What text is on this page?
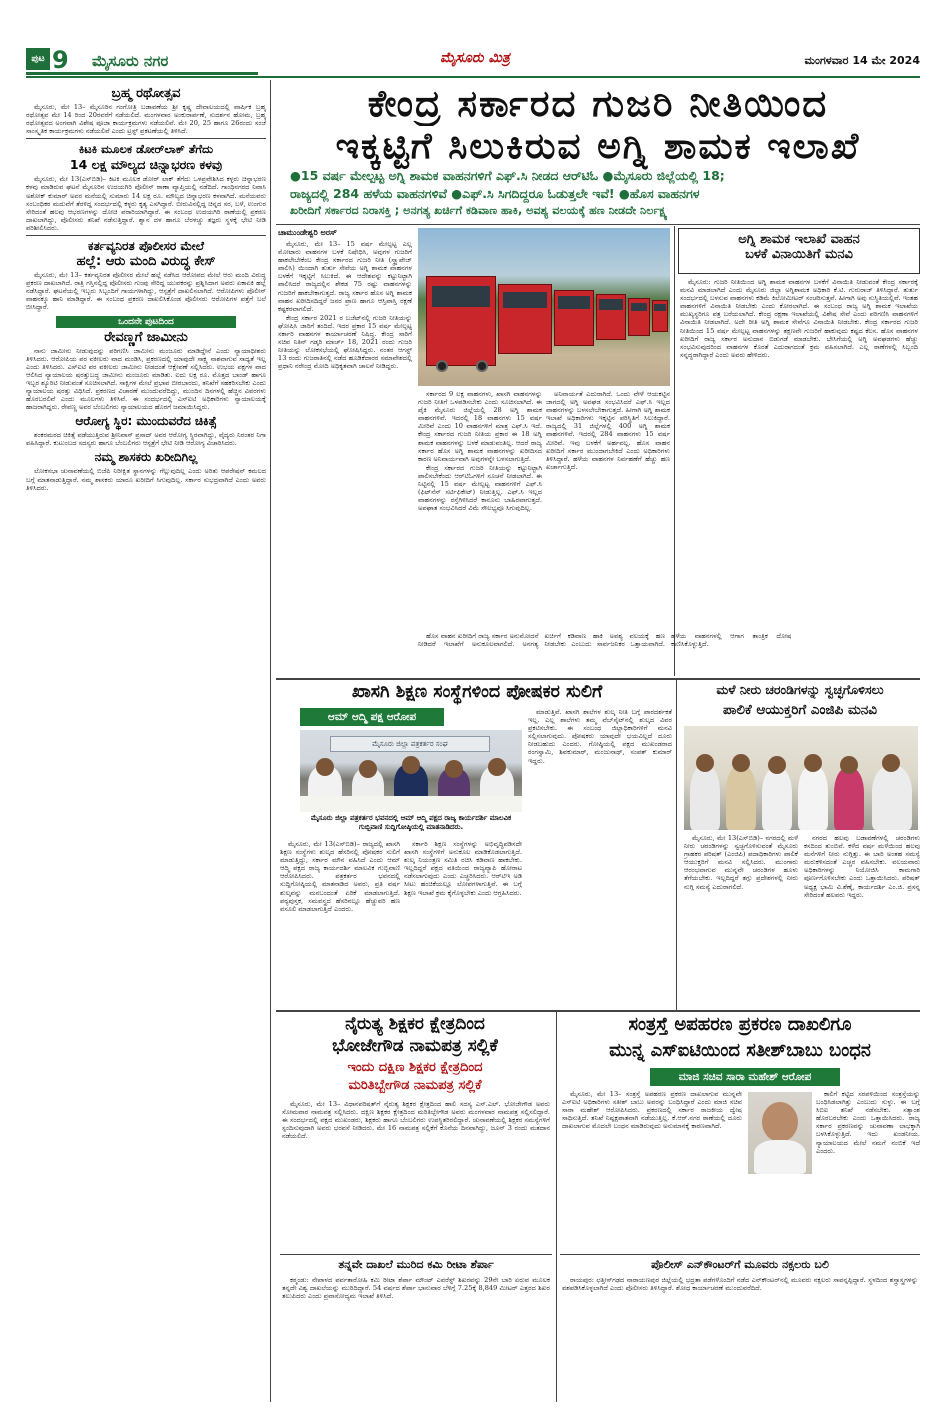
ಪುಟ 9	ಮೈಸೂರು ನಗರ	ಮೈಸೂರು ಮಿತ್ರ	ಮಂಗಳವಾರ 14 ಮೇ 2024
ಬ್ರಹ್ಮ ರಥೋತ್ಸವ

ಮೈಸೂರು, ಮೇ 13– ಮೈಸೂರಿನ ಗಂಗೋತ್ರಿ ಬಡಾವಣೆಯ ಶ್ರೀ ಕೃಷ್ಣ ದೇವಾಲಯದಲ್ಲಿ ವಾರ್ಷಿಕ ಬ್ರಹ್ಮ ರಥೋತ್ಸವ ಮೇ 14 ರಿಂದ 20ರವರೆಗೆ ನಡೆಯಲಿದೆ. ಮಂಗಳವಾರ ಅಂಕುರಾರ್ಪಣೆ, ಸುದರ್ಶನ ಹೋಮ, ಬ್ರಹ್ಮ ರಥೋತ್ಸವದ ಅಂಗವಾಗಿ ವಿಶೇಷ ಪೂಜಾ ಕಾರ್ಯಕ್ರಮಗಳು ನಡೆಯಲಿವೆ. ಮೇ 20, 25 ಹಾಗೂ 26ರಂದು ಸಂಜೆ ಸಾಂಸ್ಕೃತಿಕ ಕಾರ್ಯಕ್ರಮಗಳು ನಡೆಯಲಿವೆ ಎಂದು ಟ್ರಸ್ಟ್ ಪ್ರಕಟಣೆಯಲ್ಲಿ ತಿಳಿಸಿದೆ.

ಕಿಟಕಿ ಮೂಲಕ ಡೋರ್‌ಲಾಕ್ ತೆಗೆದು
14 ಲಕ್ಷ ಮೌಲ್ಯದ ಚಿನ್ನಾಭರಣ ಕಳವು

ಮೈಸೂರು, ಮೇ 13(ಎಸ್‌ಬಿಡಿ)– ಕಿಟಕಿ ಮೂಲಕ ಡೋರ್ ಲಾಕ್ ತೆಗೆದು ಒಳಪ್ರವೇಶಿಸಿದ ಕಳ್ಳರು ಚಿನ್ನಾಭರಣ ಕಳವು ಮಾಡಿರುವ ಘಟನೆ ಮೈಸೂರಿನ ಉದಯಗಿರಿ ಪೊಲೀಸ್ ಠಾಣಾ ವ್ಯಾಪ್ತಿಯಲ್ಲಿ ನಡೆದಿದೆ. ಗಾಂಧಿನಗರದ ನಿವಾಸಿ ಅಶೋಕ್ ಕುಮಾರ್ ಅವರ ಮನೆಯಲ್ಲಿ ಸುಮಾರು 14 ಲಕ್ಷ ರೂ. ಮೌಲ್ಯದ ಚಿನ್ನಾಭರಣ ಕಳವಾಗಿದೆ. ಮನೆಯವರು ಸಂಬಂಧಿಕರ ಮದುವೆಗೆ ತೆರಳಿದ್ದ ಸಂದರ್ಭದಲ್ಲಿ ಕಳ್ಳರು ಕೃತ್ಯ ಎಸಗಿದ್ದಾರೆ. ಬೀರುವಿನಲ್ಲಿದ್ದ ಚಿನ್ನದ ಸರ, ಬಳೆ, ಉಂಗುರ ಸೇರಿದಂತೆ ಹಲವು ಆಭರಣಗಳನ್ನು ದೋಚಿ ಪರಾರಿಯಾಗಿದ್ದಾರೆ. ಈ ಸಂಬಂಧ ಉದಯಗಿರಿ ಠಾಣೆಯಲ್ಲಿ ಪ್ರಕರಣ ದಾಖಲಾಗಿದ್ದು, ಪೊಲೀಸರು ತನಿಖೆ ನಡೆಸುತ್ತಿದ್ದಾರೆ. ಶ್ವಾನ ದಳ ಹಾಗೂ ಬೆರಳಚ್ಚು ತಜ್ಞರು ಸ್ಥಳಕ್ಕೆ ಭೇಟಿ ನೀಡಿ ಪರಿಶೀಲಿಸಿದರು.

ಕರ್ತವ್ಯನಿರತ ಪೊಲೀಸರ ಮೇಲೆ
ಹಲ್ಲೆ: ಆರು ಮಂದಿ ವಿರುದ್ಧ ಕೇಸ್

ಮೈಸೂರು, ಮೇ 13– ಕರ್ತವ್ಯನಿರತ ಪೊಲೀಸರ ಮೇಲೆ ಹಲ್ಲೆ ನಡೆಸಿದ ಆರೋಪದ ಮೇಲೆ ಆರು ಮಂದಿ ವಿರುದ್ಧ ಪ್ರಕರಣ ದಾಖಲಾಗಿದೆ. ರಾತ್ರಿ ಗಸ್ತಿನಲ್ಲಿದ್ದ ಪೊಲೀಸರು ಗುಂಪು ಸೇರಿದ್ದ ಯುವಕರನ್ನು ಪ್ರಶ್ನಿಸಿದಾಗ ಅವರು ಏಕಾಏಕಿ ಹಲ್ಲೆ ನಡೆಸಿದ್ದಾರೆ. ಘಟನೆಯಲ್ಲಿ ಇಬ್ಬರು ಸಿಬ್ಬಂದಿಗೆ ಗಾಯಗಳಾಗಿದ್ದು, ಆಸ್ಪತ್ರೆಗೆ ದಾಖಲಿಸಲಾಗಿದೆ. ಆರೋಪಿಗಳು ಪೊಲೀಸ್ ವಾಹನಕ್ಕೂ ಹಾನಿ ಮಾಡಿದ್ದಾರೆ. ಈ ಸಂಬಂಧ ಪ್ರಕರಣ ದಾಖಲಿಸಿಕೊಂಡ ಪೊಲೀಸರು ಆರೋಪಿಗಳ ಪತ್ತೆಗೆ ಬಲೆ ಬೀಸಿದ್ದಾರೆ.

ಒಂದನೇ ಪುಟದಿಂದ
ರೇವಣ್ಣಗೆ ಜಾಮೀನು

ನಾನು ಜಾಮೀನು ನೀಡುವುದನ್ನು ಪರಿಗಣಿಸಿ ಜಾಮೀನು ಮಂಜೂರು ಮಾಡಿದ್ದೇನೆ ಎಂದು ನ್ಯಾಯಾಧೀಶರು ತಿಳಿಸಿದರು. ಆರೋಪಿಯ ಪರ ವಕೀಲರು ವಾದ ಮಂಡಿಸಿ, ಪ್ರಕರಣದಲ್ಲಿ ಯಾವುದೇ ಸಾಕ್ಷ್ಯ ನಾಶವಾಗುವ ಸಾಧ್ಯತೆ ಇಲ್ಲ ಎಂದು ತಿಳಿಸಿದರು. ಎಸ್‌ಐಟಿ ಪರ ವಕೀಲರು ಜಾಮೀನು ನೀಡದಂತೆ ಆಕ್ಷೇಪಣೆ ಸಲ್ಲಿಸಿದರು. ಉಭಯ ಪಕ್ಷಗಳ ವಾದ ಆಲಿಸಿದ ನ್ಯಾಯಾಲಯ ಷರತ್ತುಬದ್ಧ ಜಾಮೀನು ಮಂಜೂರು ಮಾಡಿತು. ಐದು ಲಕ್ಷ ರೂ. ಮೊತ್ತದ ಬಾಂಡ್ ಹಾಗೂ ಇಬ್ಬರ ಶ್ಯೂರಿಟಿ ನೀಡುವಂತೆ ಸೂಚಿಸಲಾಗಿದೆ. ಸಾಕ್ಷಿಗಳ ಮೇಲೆ ಪ್ರಭಾವ ಬೀರಬಾರದು, ತನಿಖೆಗೆ ಸಹಕರಿಸಬೇಕು ಎಂದು ನ್ಯಾಯಾಲಯ ಷರತ್ತು ವಿಧಿಸಿದೆ. ಪ್ರಕರಣದ ವಿಚಾರಣೆ ಮುಂದುವರೆದಿದ್ದು, ಮುಂದಿನ ದಿನಗಳಲ್ಲಿ ಹೆಚ್ಚಿನ ವಿವರಗಳು ಹೊರಬರಲಿವೆ ಎಂದು ಮೂಲಗಳು ತಿಳಿಸಿವೆ. ಈ ಸಂದರ್ಭದಲ್ಲಿ ಎಸ್‌ಐಟಿ ಅಧಿಕಾರಿಗಳು ನ್ಯಾಯಾಲಯಕ್ಕೆ ಹಾಜರಾಗಿದ್ದರು. ರೇವಣ್ಣ ಅವರ ಬೆಂಬಲಿಗರು ನ್ಯಾಯಾಲಯದ ಹೊರಗೆ ಜಮಾಯಿಸಿದ್ದರು.

ಆರೋಗ್ಯ ಸ್ಥಿರ: ಮುಂದುವರೆದ ಚಿಕಿತ್ಸೆ

ಶಂಕರಮಠದ ಚಿಕಿತ್ಸೆ ಪಡೆಯುತ್ತಿರುವ ಶ್ರೀನಿವಾಸ್ ಪ್ರಸಾದ್ ಅವರ ಆರೋಗ್ಯ ಸ್ಥಿರವಾಗಿದ್ದು, ವೈದ್ಯರು ನಿರಂತರ ನಿಗಾ ವಹಿಸಿದ್ದಾರೆ. ಕುಟುಂಬದ ಸದಸ್ಯರು ಹಾಗೂ ಬೆಂಬಲಿಗರು ಆಸ್ಪತ್ರೆಗೆ ಭೇಟಿ ನೀಡಿ ಆರೋಗ್ಯ ವಿಚಾರಿಸಿದರು.

ನಮ್ಮ ಶಾಸಕರು ಖರೀದಿಗಿಲ್ಲ

ಲೋಕಸಭಾ ಚುನಾವಣೆಯಲ್ಲಿ ಬಿಜೆಪಿ ನಿರೀಕ್ಷಿತ ಸ್ಥಾನಗಳನ್ನು ಗೆಲ್ಲುವುದಿಲ್ಲ ಎಂದು ಅರಿತು ಆಪರೇಷನ್ ಕಮಲದ ಬಗ್ಗೆ ಮಾತನಾಡುತ್ತಿದ್ದಾರೆ. ನಮ್ಮ ಶಾಸಕರು ಯಾರೂ ಖರೀದಿಗೆ ಸಿಗುವುದಿಲ್ಲ. ಸರ್ಕಾರ ಸುಭದ್ರವಾಗಿದೆ ಎಂದು ಅವರು ತಿಳಿಸಿದರು.

ಕೇಂದ್ರ ಸರ್ಕಾರದ ಗುಜರಿ ನೀತಿಯಿಂದ
ಇಕ್ಕಟ್ಟಿಗೆ ಸಿಲುಕಿರುವ ಅಗ್ನಿ ಶಾಮಕ ಇಲಾಖೆ
●15 ವರ್ಷ ಮೇಲ್ಪಟ್ಟ ಅಗ್ನಿ ಶಾಮಕ ವಾಹನಗಳಿಗೆ ಎಫ್.ಸಿ ನೀಡದ ಆರ್‌ಟಿಓ ●ಮೈಸೂರು ಜಿಲ್ಲೆಯಲ್ಲಿ 18;
ರಾಜ್ಯದಲ್ಲಿ 284 ಹಳೆಯ ವಾಹನಗಳಿವೆ ●ಎಫ್.ಸಿ ಸಿಗದಿದ್ದರೂ ಓಡುತ್ತಲೇ ಇವೆ! ●ಹೊಸ ವಾಹನಗಳ
ಖರೀದಿಗೆ ಸರ್ಕಾರದ ನಿರಾಸಕ್ತಿ ; ಅನಗತ್ಯ ಖರ್ಚಿಗೆ ಕಡಿವಾಣ ಹಾಕಿ, ಅವಶ್ಯ ವಲಯಕ್ಕೆ ಹಣ ನೀಡದೇ ನಿರ್ಲಕ್ಷ್ಯ
ಚಾಮುಂಡೇಶ್ವರಿ ಅರಸ್

ಮೈಸೂರು, ಮೇ 13– 15 ವರ್ಷ ಮೇಲ್ಪಟ್ಟ ಎಲ್ಲ ಮೋಟಾರು ವಾಹನಗಳ ಬಳಕೆ ನಿಷೇಧಿಸಿ, ಅವುಗಳ ಗುಜರಿಗೆ ಹಾಕಲೇಬೇಕೆಂಬ ಕೇಂದ್ರ ಸರ್ಕಾರದ ಗುಜರಿ ನೀತಿ (ಸ್ಕ್ರ್ಯಾಪೇಜ್ ಪಾಲಿಸಿ) ಯಿಂದಾಗಿ ತುರ್ತು ಸೇವೆಯ ಅಗ್ನಿ ಶಾಮಕ ವಾಹನಗಳ ಬಳಕೆಗೆ ಇಕ್ಕಟ್ಟಿಗೆ ಸಿಲುಕಿದೆ. ಈ ಆದೇಶವನ್ನು ಕಟ್ಟುನಿಟ್ಟಾಗಿ ಪಾಲಿಸಿದರೆ ರಾಜ್ಯದಲ್ಲಿನ ಶೇಕಡ 75 ರಷ್ಟು ವಾಹನಗಳನ್ನು ಗುಜರಿಗೆ ಹಾಕಬೇಕಾಗುತ್ತದೆ. ರಾಜ್ಯ ಸರ್ಕಾರ ಹೊಸ ಅಗ್ನಿ ಶಾಮಕ ವಾಹನ ಖರೀದಿಸದಿದ್ದರೆ ಜನರ ಪ್ರಾಣ ಹಾಗೂ ಆಸ್ತಿಪಾಸ್ತಿ ರಕ್ಷಣೆ ಕಷ್ಟಕರವಾಗಲಿದೆ.

ಕೇಂದ್ರ ಸರ್ಕಾರ 2021 ರ ಬಜೆಟ್‌ನಲ್ಲಿ ಗುಜರಿ ನೀತಿಯನ್ನು ಘೋಷಿಸಿ ಜಾರಿಗೆ ತಂದಿದೆ. ಇದರ ಪ್ರಕಾರ 15 ವರ್ಷ ಮೇಲ್ಪಟ್ಟ ಸರ್ಕಾರಿ ವಾಹನಗಳ ಕಾರ್ಯಾಚರಣೆ ನಿಷಿದ್ಧ. ಕೇಂದ್ರ ಸಾರಿಗೆ ಸಚಿವ ನಿತಿನ್ ಗಡ್ಕರಿ ಮಾರ್ಚ್ 18, 2021 ರಂದು ಗುಜರಿ ನೀತಿಯನ್ನು ಲೋಕಸಭೆಯಲ್ಲಿ ಘೋಷಿಸಿದ್ದರು. ನಂತರ ಆಗಸ್ಟ್ 13 ರಂದು ಗುಜರಾತಿನಲ್ಲಿ ನಡೆದ ಹೂಡಿಕೆದಾರರ ಸಮಾವೇಶದಲ್ಲಿ ಪ್ರಧಾನಿ ನರೇಂದ್ರ ಮೋದಿ ಅಧಿಕೃತವಾಗಿ ಚಾಲನೆ ನೀಡಿದ್ದರು.

ಸರ್ಕಾರದ 9 ಲಕ್ಷ ವಾಹನಗಳು, ಖಾಸಗಿ ವಾಹನಗಳನ್ನು ಗುಜರಿ ನೀತಿಗೆ ಒಳಪಡಿಸಬೇಕು ಎಂದು ಸೂಚಿಸಲಾಗಿದೆ. ಈ ಪೈಕಿ ಮೈಸೂರು ಜಿಲ್ಲೆಯಲ್ಲಿ 28 ಅಗ್ನಿ ಶಾಮಕ ವಾಹನಗಳಿವೆ. ಇದರಲ್ಲಿ 18 ವಾಹನಗಳು 15 ವರ್ಷ ಮೀರಿವೆ ಎಂದು 10 ವಾಹನಗಳಿಗೆ ಮಾತ್ರ ಎಫ್.ಸಿ ಇದೆ. ಕೇಂದ್ರ ಸರ್ಕಾರದ ಗುಜರಿ ನೀತಿಯ ಪ್ರಕಾರ ಈ 18 ಅಗ್ನಿ ಶಾಮಕ ವಾಹನಗಳನ್ನು ಬಳಕೆ ಮಾಡುವಂತಿಲ್ಲ. ಆದರೆ ರಾಜ್ಯ ಸರ್ಕಾರ ಹೊಸ ಅಗ್ನಿ ಶಾಮಕ ವಾಹನಗಳನ್ನು ಖರೀದಿಸದ ಕಾರಣ ಅನಿವಾರ್ಯವಾಗಿ ಅವುಗಳನ್ನೇ ಬಳಸಲಾಗುತ್ತಿದೆ.

ಕೇಂದ್ರ ಸರ್ಕಾರದ ಗುಜರಿ ನೀತಿಯನ್ನು ಕಟ್ಟುನಿಟ್ಟಾಗಿ ಪಾಲಿಸಬೇಕೆಂದು ಆರ್‌ಟಿಓಗಳಿಗೆ ಸೂಚನೆ ನೀಡಲಾಗಿದೆ. ಈ ನಿಟ್ಟಿನಲ್ಲಿ 15 ವರ್ಷ ಮೇಲ್ಪಟ್ಟ ವಾಹನಗಳಿಗೆ ಎಫ್.ಸಿ (ಫಿಟ್‌ನೆಸ್ ಸರ್ಟಿಫಿಕೇಟ್) ನೀಡುತ್ತಿಲ್ಲ. ಎಫ್.ಸಿ ಇಲ್ಲದ ವಾಹನಗಳನ್ನು ರಸ್ತೆಗಿಳಿಸಿದರೆ ಕಾನೂನು ಬಾಹಿರವಾಗುತ್ತದೆ. ಅಪಘಾತ ಸಂಭವಿಸಿದರೆ ವಿಮೆ ಸೌಲಭ್ಯವೂ ಸಿಗುವುದಿಲ್ಲ.

ಅನಿವಾರ್ಯತೆ ಎದುರಾಗಿದೆ. ಒಂದು ವೇಳೆ ಆಯಕಟ್ಟಿನ ಜಾಗದಲ್ಲಿ ಅಗ್ನಿ ಅವಘಡ ಸಂಭವಿಸಿದರೆ ಎಫ್.ಸಿ ಇಲ್ಲದ ವಾಹನಗಳನ್ನು ಬಳಸಲೇಬೇಕಾಗುತ್ತದೆ. ಹೀಗಾಗಿ ಅಗ್ನಿ ಶಾಮಕ ಇಲಾಖೆ ಅಧಿಕಾರಿಗಳು ಇಕ್ಕಟ್ಟಿನ ಪರಿಸ್ಥಿತಿಗೆ ಸಿಲುಕಿದ್ದಾರೆ. ರಾಜ್ಯದಲ್ಲಿ 31 ಜಿಲ್ಲೆಗಳಲ್ಲಿ 400 ಅಗ್ನಿ ಶಾಮಕ ವಾಹನಗಳಿವೆ. ಇದರಲ್ಲಿ 284 ವಾಹನಗಳು 15 ವರ್ಷ ಮೀರಿವೆ. ಇವು ಬಳಕೆಗೆ ಅರ್ಹವಲ್ಲ. ಹೊಸ ವಾಹನ ಖರೀದಿಗೆ ಸರ್ಕಾರ ಮುಂದಾಗಬೇಕಿದೆ ಎಂದು ಅಧಿಕಾರಿಗಳು ತಿಳಿಸಿದ್ದಾರೆ. ಹಳೆಯ ವಾಹನಗಳ ನಿರ್ವಹಣೆಗೆ ಹೆಚ್ಚು ಹಣ ಖರ್ಚಾಗುತ್ತಿದೆ.

ಅಗ್ನಿ ಶಾಮಕ ಇಲಾಖೆ ವಾಹನ
ಬಳಕೆ ವಿನಾಯಿತಿಗೆ ಮನವಿ

ಮೈಸೂರು: ಗುಜರಿ ನೀತಿಯಿಂದ ಅಗ್ನಿ ಶಾಮಕ ವಾಹನಗಳ ಬಳಕೆಗೆ ವಿನಾಯಿತಿ ನೀಡುವಂತೆ ಕೇಂದ್ರ ಸರ್ಕಾರಕ್ಕೆ ಮನವಿ ಮಾಡಲಾಗಿದೆ ಎಂದು ಮೈಸೂರು ಜಿಲ್ಲಾ ಅಗ್ನಿಶಾಮಕ ಅಧಿಕಾರಿ ಕೆ.ಟಿ. ಗುರುರಾಜ್ ತಿಳಿಸಿದ್ದಾರೆ. ತುರ್ತು ಸಂದರ್ಭದಲ್ಲಿ ಬಳಸುವ ವಾಹನಗಳು ಕಡಿಮೆ ಕಿಲೋಮೀಟರ್ ಸಂಚರಿಸುತ್ತವೆ. ಹೀಗಾಗಿ ಅವು ಸುಸ್ಥಿತಿಯಲ್ಲಿವೆ. ಇಂತಹ ವಾಹನಗಳಿಗೆ ವಿನಾಯಿತಿ ನೀಡಬೇಕು ಎಂದು ಕೋರಲಾಗಿದೆ. ಈ ಸಂಬಂಧ ರಾಜ್ಯ ಅಗ್ನಿ ಶಾಮಕ ಇಲಾಖೆಯ ಮುಖ್ಯಸ್ಥರಿಗೂ ಪತ್ರ ಬರೆಯಲಾಗಿದೆ. ಕೇಂದ್ರ ರಕ್ಷಣಾ ಇಲಾಖೆಯಲ್ಲಿ ವಿಶೇಷ ಸೇವೆ ಎಂದು ಪರಿಗಣಿಸಿ ವಾಹನಗಳಿಗೆ ವಿನಾಯಿತಿ ನೀಡಲಾಗಿದೆ. ಅದೇ ರೀತಿ ಅಗ್ನಿ ಶಾಮಕ ಸೇವೆಗೂ ವಿನಾಯಿತಿ ನೀಡಬೇಕು. ಕೇಂದ್ರ ಸರ್ಕಾರದ ಗುಜರಿ ನೀತಿಯಿಂದ 15 ವರ್ಷ ಮೇಲ್ಪಟ್ಟ ವಾಹನಗಳನ್ನು ತಕ್ಷಣವೇ ಗುಜರಿಗೆ ಹಾಕುವುದು ಕಷ್ಟದ ಕೆಲಸ. ಹೊಸ ವಾಹನಗಳ ಖರೀದಿಗೆ ರಾಜ್ಯ ಸರ್ಕಾರ ಅನುದಾನ ಬಿಡುಗಡೆ ಮಾಡಬೇಕು. ಬೇಸಿಗೆಯಲ್ಲಿ ಅಗ್ನಿ ಅವಘಡಗಳು ಹೆಚ್ಚು ಸಂಭವಿಸುವುದರಿಂದ ವಾಹನಗಳ ಕೊರತೆ ಎದುರಾಗದಂತೆ ಕ್ರಮ ವಹಿಸಲಾಗಿದೆ. ಎಲ್ಲ ಠಾಣೆಗಳಲ್ಲಿ ಸಿಬ್ಬಂದಿ ಸನ್ನದ್ಧರಾಗಿದ್ದಾರೆ ಎಂದು ಅವರು ಹೇಳಿದರು.

ಹೊಸ ವಾಹನ ಖರೀದಿಗೆ ರಾಜ್ಯ ಸರ್ಕಾರ ಅನುಮೋದನೆ ನೀಡಿದರೆ ಇಲಾಖೆಗೆ ಅನುಕೂಲವಾಗಲಿದೆ. ಅನಗತ್ಯ ಖರ್ಚಿಗೆ ಕಡಿವಾಣ ಹಾಕಿ ಅವಶ್ಯ ವಲಯಕ್ಕೆ ಹಣ ನೀಡಬೇಕು ಎಂಬುದು ಸಾರ್ವಜನಿಕರ ಒತ್ತಾಯವಾಗಿದೆ. ಹಳೆಯ ವಾಹನಗಳಲ್ಲಿ ಆಗಾಗ ತಾಂತ್ರಿಕ ದೋಷ ಕಾಣಿಸಿಕೊಳ್ಳುತ್ತಿದೆ.

ಖಾಸಗಿ ಶಿಕ್ಷಣ ಸಂಸ್ಥೆಗಳಿಂದ ಪೋಷಕರ ಸುಲಿಗೆ
ಆಮ್ ಆದ್ಮಿ ಪಕ್ಷ ಆರೋಪ
ಮೈಸೂರು ಜಿಲ್ಲಾ ಪತ್ರಕರ್ತರ ಸಂಘ
ಮೈಸೂರು ಜಿಲ್ಲಾ ಪತ್ರಕರ್ತರ ಭವನದಲ್ಲಿ ಆಮ್ ಆದ್ಮಿ ಪಕ್ಷದ ರಾಜ್ಯ ಕಾರ್ಯದರ್ಶಿ ಮಾಲವಿಕ ಗುಬ್ಬಿವಾಣಿ ಸುದ್ದಿಗೋಷ್ಠಿಯಲ್ಲಿ ಮಾತನಾಡಿದರು.

ಮೈಸೂರು, ಮೇ 13(ಎಸ್‌ಬಿಡಿ)– ರಾಜ್ಯದಲ್ಲಿ ಖಾಸಗಿ ಶಿಕ್ಷಣ ಸಂಸ್ಥೆಗಳು ಶುಲ್ಕದ ಹೆಸರಿನಲ್ಲಿ ಪೋಷಕರ ಸುಲಿಗೆ ಮಾಡುತ್ತಿದ್ದು, ಸರ್ಕಾರ ಮೌನ ವಹಿಸಿದೆ ಎಂದು ಆಮ್ ಆದ್ಮಿ ಪಕ್ಷದ ರಾಜ್ಯ ಕಾರ್ಯದರ್ಶಿ ಮಾಲವಿಕ ಗುಬ್ಬಿವಾಣಿ ಆರೋಪಿಸಿದರು. ಪತ್ರಕರ್ತರ ಭವನದಲ್ಲಿ ಸುದ್ದಿಗೋಷ್ಠಿಯಲ್ಲಿ ಮಾತನಾಡಿದ ಅವರು, ಪ್ರತಿ ವರ್ಷ ಶುಲ್ಕವನ್ನು ಮನಬಂದಂತೆ ಏರಿಕೆ ಮಾಡಲಾಗುತ್ತಿದೆ. ಪಠ್ಯಪುಸ್ತಕ, ಸಮವಸ್ತ್ರದ ಹೆಸರಿನಲ್ಲೂ ಹೆಚ್ಚುವರಿ ಹಣ ವಸೂಲಿ ಮಾಡಲಾಗುತ್ತಿದೆ ಎಂದರು.

ಸರ್ಕಾರಿ ಶಿಕ್ಷಣ ಸಂಸ್ಥೆಗಳನ್ನು ಅಭಿವೃದ್ಧಿಪಡಿಸದೇ ಖಾಸಗಿ ಸಂಸ್ಥೆಗಳಿಗೆ ಅನುಕೂಲ ಮಾಡಿಕೊಡಲಾಗುತ್ತಿದೆ. ಶುಲ್ಕ ನಿಯಂತ್ರಣ ಸಮಿತಿ ರಚಿಸಿ ಕಡಿವಾಣ ಹಾಕಬೇಕು. ಇಲ್ಲದಿದ್ದರೆ ಪಕ್ಷದ ವತಿಯಿಂದ ರಾಜ್ಯವ್ಯಾಪಿ ಹೋರಾಟ ನಡೆಸಲಾಗುವುದು ಎಂದು ಎಚ್ಚರಿಸಿದರು. ಆರ್‌ಟಿಇ ಅಡಿ ಸೀಟು ಹಂಚಿಕೆಯಲ್ಲೂ ಲೋಪಗಳಾಗುತ್ತಿವೆ. ಈ ಬಗ್ಗೆ ಶಿಕ್ಷಣ ಇಲಾಖೆ ಕ್ರಮ ಕೈಗೊಳ್ಳಬೇಕು ಎಂದು ಆಗ್ರಹಿಸಿದರು.

ಮಾಡುತ್ತಿವೆ. ಖಾಸಗಿ ಶಾಲೆಗಳ ಶುಲ್ಕ ನೀತಿ ಬಗ್ಗೆ ಪಾರದರ್ಶಕತೆ ಇಲ್ಲ. ಎಲ್ಲ ಶಾಲೆಗಳು ತಮ್ಮ ವೆಬ್‌ಸೈಟ್‌ನಲ್ಲಿ ಶುಲ್ಕದ ವಿವರ ಪ್ರಕಟಿಸಬೇಕು. ಈ ಸಂಬಂಧ ಜಿಲ್ಲಾಧಿಕಾರಿಗಳಿಗೆ ಮನವಿ ಸಲ್ಲಿಸಲಾಗುವುದು. ಪೋಷಕರು ಯಾವುದೇ ಭಯವಿಲ್ಲದೆ ದೂರು ನೀಡಬಹುದು ಎಂದರು. ಗೋಷ್ಠಿಯಲ್ಲಿ ಪಕ್ಷದ ಮುಖಂಡರಾದ ರಂಗಸ್ವಾಮಿ, ಶಿವಕುಮಾರ್, ಮಂಜುನಾಥ್, ಸಂಪತ್ ಕುಮಾರ್ ಇದ್ದರು.

ಮಳೆ ನೀರು ಚರಂಡಿಗಳನ್ನು ಸ್ವಚ್ಛಗೊಳಿಸಲು
ಪಾಲಿಕೆ ಆಯುಕ್ತರಿಗೆ ಎಂಜಿಪಿ ಮನವಿ

ಮೈಸೂರು, ಮೇ 13(ಎಸ್‌ಬಿಡಿ)– ನಗರದಲ್ಲಿ ಮಳೆ ನೀರು ಚರಂಡಿಗಳನ್ನು ಸ್ವಚ್ಛಗೊಳಿಸುವಂತೆ ಮೈಸೂರು ಗ್ರಾಹಕರ ಪರಿಷತ್ (ಎಂಜಿಪಿ) ಪದಾಧಿಕಾರಿಗಳು ಪಾಲಿಕೆ ಆಯುಕ್ತರಿಗೆ ಮನವಿ ಸಲ್ಲಿಸಿದರು. ಮುಂಗಾರು ಆರಂಭವಾಗುವ ಮುನ್ನವೇ ಚರಂಡಿಗಳ ಹೂಳು ತೆಗೆಯಬೇಕು. ಇಲ್ಲದಿದ್ದರೆ ತಗ್ಗು ಪ್ರದೇಶಗಳಲ್ಲಿ ನೀರು ನುಗ್ಗಿ ಸಮಸ್ಯೆ ಎದುರಾಗಲಿದೆ.

ನಗರದ ಹಲವು ಬಡಾವಣೆಗಳಲ್ಲಿ ಚರಂಡಿಗಳು ಕಸದಿಂದ ತುಂಬಿವೆ. ಕಳೆದ ವರ್ಷ ಮಳೆಯಿಂದ ಹಲವು ಮನೆಗಳಿಗೆ ನೀರು ನುಗ್ಗಿತ್ತು. ಈ ಬಾರಿ ಅಂತಹ ಸಮಸ್ಯೆ ಮರುಕಳಿಸದಂತೆ ಎಚ್ಚರ ವಹಿಸಬೇಕು. ವಲಯವಾರು ಅಧಿಕಾರಿಗಳನ್ನು ನಿಯೋಜಿಸಿ ಕಾಮಗಾರಿ ಪೂರ್ಣಗೊಳಿಸಬೇಕು ಎಂದು ಒತ್ತಾಯಿಸಿದರು. ಪರಿಷತ್ ಅಧ್ಯಕ್ಷ ಭಾಮಿ ವಿ.ಶೆಣೈ, ಕಾರ್ಯದರ್ಶಿ ಎಂ.ಜಿ. ಪ್ರಸನ್ನ ಸೇರಿದಂತೆ ಹಲವರು ಇದ್ದರು.

ನೈರುತ್ಯ ಶಿಕ್ಷಕರ ಕ್ಷೇತ್ರದಿಂದ
ಭೋಜೇಗೌಡ ನಾಮಪತ್ರ ಸಲ್ಲಿಕೆ
ಇಂದು ದಕ್ಷಿಣ ಶಿಕ್ಷಕರ ಕ್ಷೇತ್ರದಿಂದ
ಮರಿತಿಬ್ಬೇಗೌಡ ನಾಮಪತ್ರ ಸಲ್ಲಿಕೆ

ಮೈಸೂರು, ಮೇ 13– ವಿಧಾನಪರಿಷತ್‌ಗೆ ನೈರುತ್ಯ ಶಿಕ್ಷಕರ ಕ್ಷೇತ್ರದಿಂದ ಹಾಲಿ ಸದಸ್ಯ ಎಸ್.ಎಲ್. ಭೋಜೇಗೌಡ ಅವರು ಸೋಮವಾರ ನಾಮಪತ್ರ ಸಲ್ಲಿಸಿದರು. ದಕ್ಷಿಣ ಶಿಕ್ಷಕರ ಕ್ಷೇತ್ರದಿಂದ ಮರಿತಿಬ್ಬೇಗೌಡ ಅವರು ಮಂಗಳವಾರ ನಾಮಪತ್ರ ಸಲ್ಲಿಸಲಿದ್ದಾರೆ. ಈ ಸಂದರ್ಭದಲ್ಲಿ ಪಕ್ಷದ ಮುಖಂಡರು, ಶಿಕ್ಷಕರು ಹಾಗೂ ಬೆಂಬಲಿಗರು ಉಪಸ್ಥಿತರಿರಲಿದ್ದಾರೆ. ಚುನಾವಣೆಯಲ್ಲಿ ಶಿಕ್ಷಕರ ಸಮಸ್ಯೆಗಳಿಗೆ ಸ್ಪಂದಿಸುವುದಾಗಿ ಅವರು ಭರವಸೆ ನೀಡಿದರು. ಮೇ 16 ನಾಮಪತ್ರ ಸಲ್ಲಿಕೆಗೆ ಕೊನೆಯ ದಿನವಾಗಿದ್ದು, ಜೂನ್ 3 ರಂದು ಮತದಾನ ನಡೆಯಲಿದೆ.

ತನ್ನವೇ ದಾಖಲೆ ಮುರಿದ ಕಮಿ ರೀಟಾ ಶೆರ್ಪಾ

ಕಠ್ಮಂಡು: ನೇಪಾಳದ ಪರ್ವತಾರೋಹಿ ಕಮಿ ರೀಟಾ ಶೆರ್ಪಾ ಮೌಂಟ್ ಎವರೆಸ್ಟ್ ಶಿಖರವನ್ನು 29ನೇ ಬಾರಿ ಏರುವ ಮೂಲಕ ತನ್ನದೇ ವಿಶ್ವ ದಾಖಲೆಯನ್ನು ಮುರಿದಿದ್ದಾರೆ. 54 ವರ್ಷದ ಶೆರ್ಪಾ ಭಾನುವಾರ ಬೆಳಿಗ್ಗೆ 7.25ಕ್ಕೆ 8,849 ಮೀಟರ್ ಎತ್ತರದ ಶಿಖರ ತಲುಪಿದರು ಎಂದು ಪ್ರವಾಸೋದ್ಯಮ ಇಲಾಖೆ ತಿಳಿಸಿದೆ.

ಸಂತ್ರಸ್ತೆ ಅಪಹರಣ ಪ್ರಕರಣ ದಾಖಲಿಗೂ
ಮುನ್ನ ಎಸ್‌ಐಟಿಯಿಂದ ಸತೀಶ್‌ಬಾಬು ಬಂಧನ
ಮಾಜಿ ಸಚಿವ ಸಾರಾ ಮಹೇಶ್ ಆರೋಪ

ಮೈಸೂರು, ಮೇ 13– ಸಂತ್ರಸ್ತೆ ಅಪಹರಣ ಪ್ರಕರಣ ದಾಖಲಾಗುವ ಮುನ್ನವೇ ಎಸ್‌ಐಟಿ ಅಧಿಕಾರಿಗಳು ಸತೀಶ್ ಬಾಬು ಅವರನ್ನು ಬಂಧಿಸಿದ್ದಾರೆ ಎಂದು ಮಾಜಿ ಸಚಿವ ಸಾರಾ ಮಹೇಶ್ ಆರೋಪಿಸಿದರು. ಪ್ರಕರಣದಲ್ಲಿ ಸರ್ಕಾರ ರಾಜಕೀಯ ದ್ವೇಷ ಸಾಧಿಸುತ್ತಿದೆ. ತನಿಖೆ ನಿಷ್ಪಕ್ಷಪಾತವಾಗಿ ನಡೆಯುತ್ತಿಲ್ಲ. ಕೆ.ಆರ್.ನಗರ ಠಾಣೆಯಲ್ಲಿ ದೂರು ದಾಖಲಾಗುವ ಮೊದಲೇ ಬಂಧನ ಮಾಡಿರುವುದು ಅನುಮಾನಕ್ಕೆ ಕಾರಣವಾಗಿದೆ.

ಕಾಲಿಗೆ ಕಟ್ಟಿದ ಸರಪಳಿಯಿಂದ ಸಂತ್ರಸ್ತೆಯನ್ನು ಬಂಧಿಸಿಡಲಾಗಿತ್ತು ಎಂಬುದು ಸುಳ್ಳು. ಈ ಬಗ್ಗೆ ಸಿಬಿಐ ತನಿಖೆ ನಡೆಸಬೇಕು. ಸತ್ಯಾಂಶ ಹೊರಬರಬೇಕು ಎಂದು ಒತ್ತಾಯಿಸಿದರು. ರಾಜ್ಯ ಸರ್ಕಾರ ಪ್ರಕರಣವನ್ನು ಚುನಾವಣಾ ಲಾಭಕ್ಕಾಗಿ ಬಳಸಿಕೊಳ್ಳುತ್ತಿದೆ. ಇದು ಖಂಡನೀಯ. ನ್ಯಾಯಾಲಯದ ಮೇಲೆ ನಮಗೆ ನಂಬಿಕೆ ಇದೆ ಎಂದರು.

ಪೊಲೀಸ್ ಎನ್‌ಕೌಂಟರ್‌ಗೆ ಮೂವರು ನಕ್ಸಲರು ಬಲಿ

ರಾಯಪುರ: ಛತ್ತೀಸ್‌ಗಢದ ನಾರಾಯಣಪುರ ಜಿಲ್ಲೆಯಲ್ಲಿ ಭದ್ರತಾ ಪಡೆಗಳೊಂದಿಗೆ ನಡೆದ ಎನ್‌ಕೌಂಟರ್‌ನಲ್ಲಿ ಮೂವರು ನಕ್ಸಲರು ಸಾವನ್ನಪ್ಪಿದ್ದಾರೆ. ಸ್ಥಳದಿಂದ ಶಸ್ತ್ರಾಸ್ತ್ರಗಳನ್ನು ವಶಪಡಿಸಿಕೊಳ್ಳಲಾಗಿದೆ ಎಂದು ಪೊಲೀಸರು ತಿಳಿಸಿದ್ದಾರೆ. ಶೋಧ ಕಾರ್ಯಾಚರಣೆ ಮುಂದುವರೆದಿದೆ.
